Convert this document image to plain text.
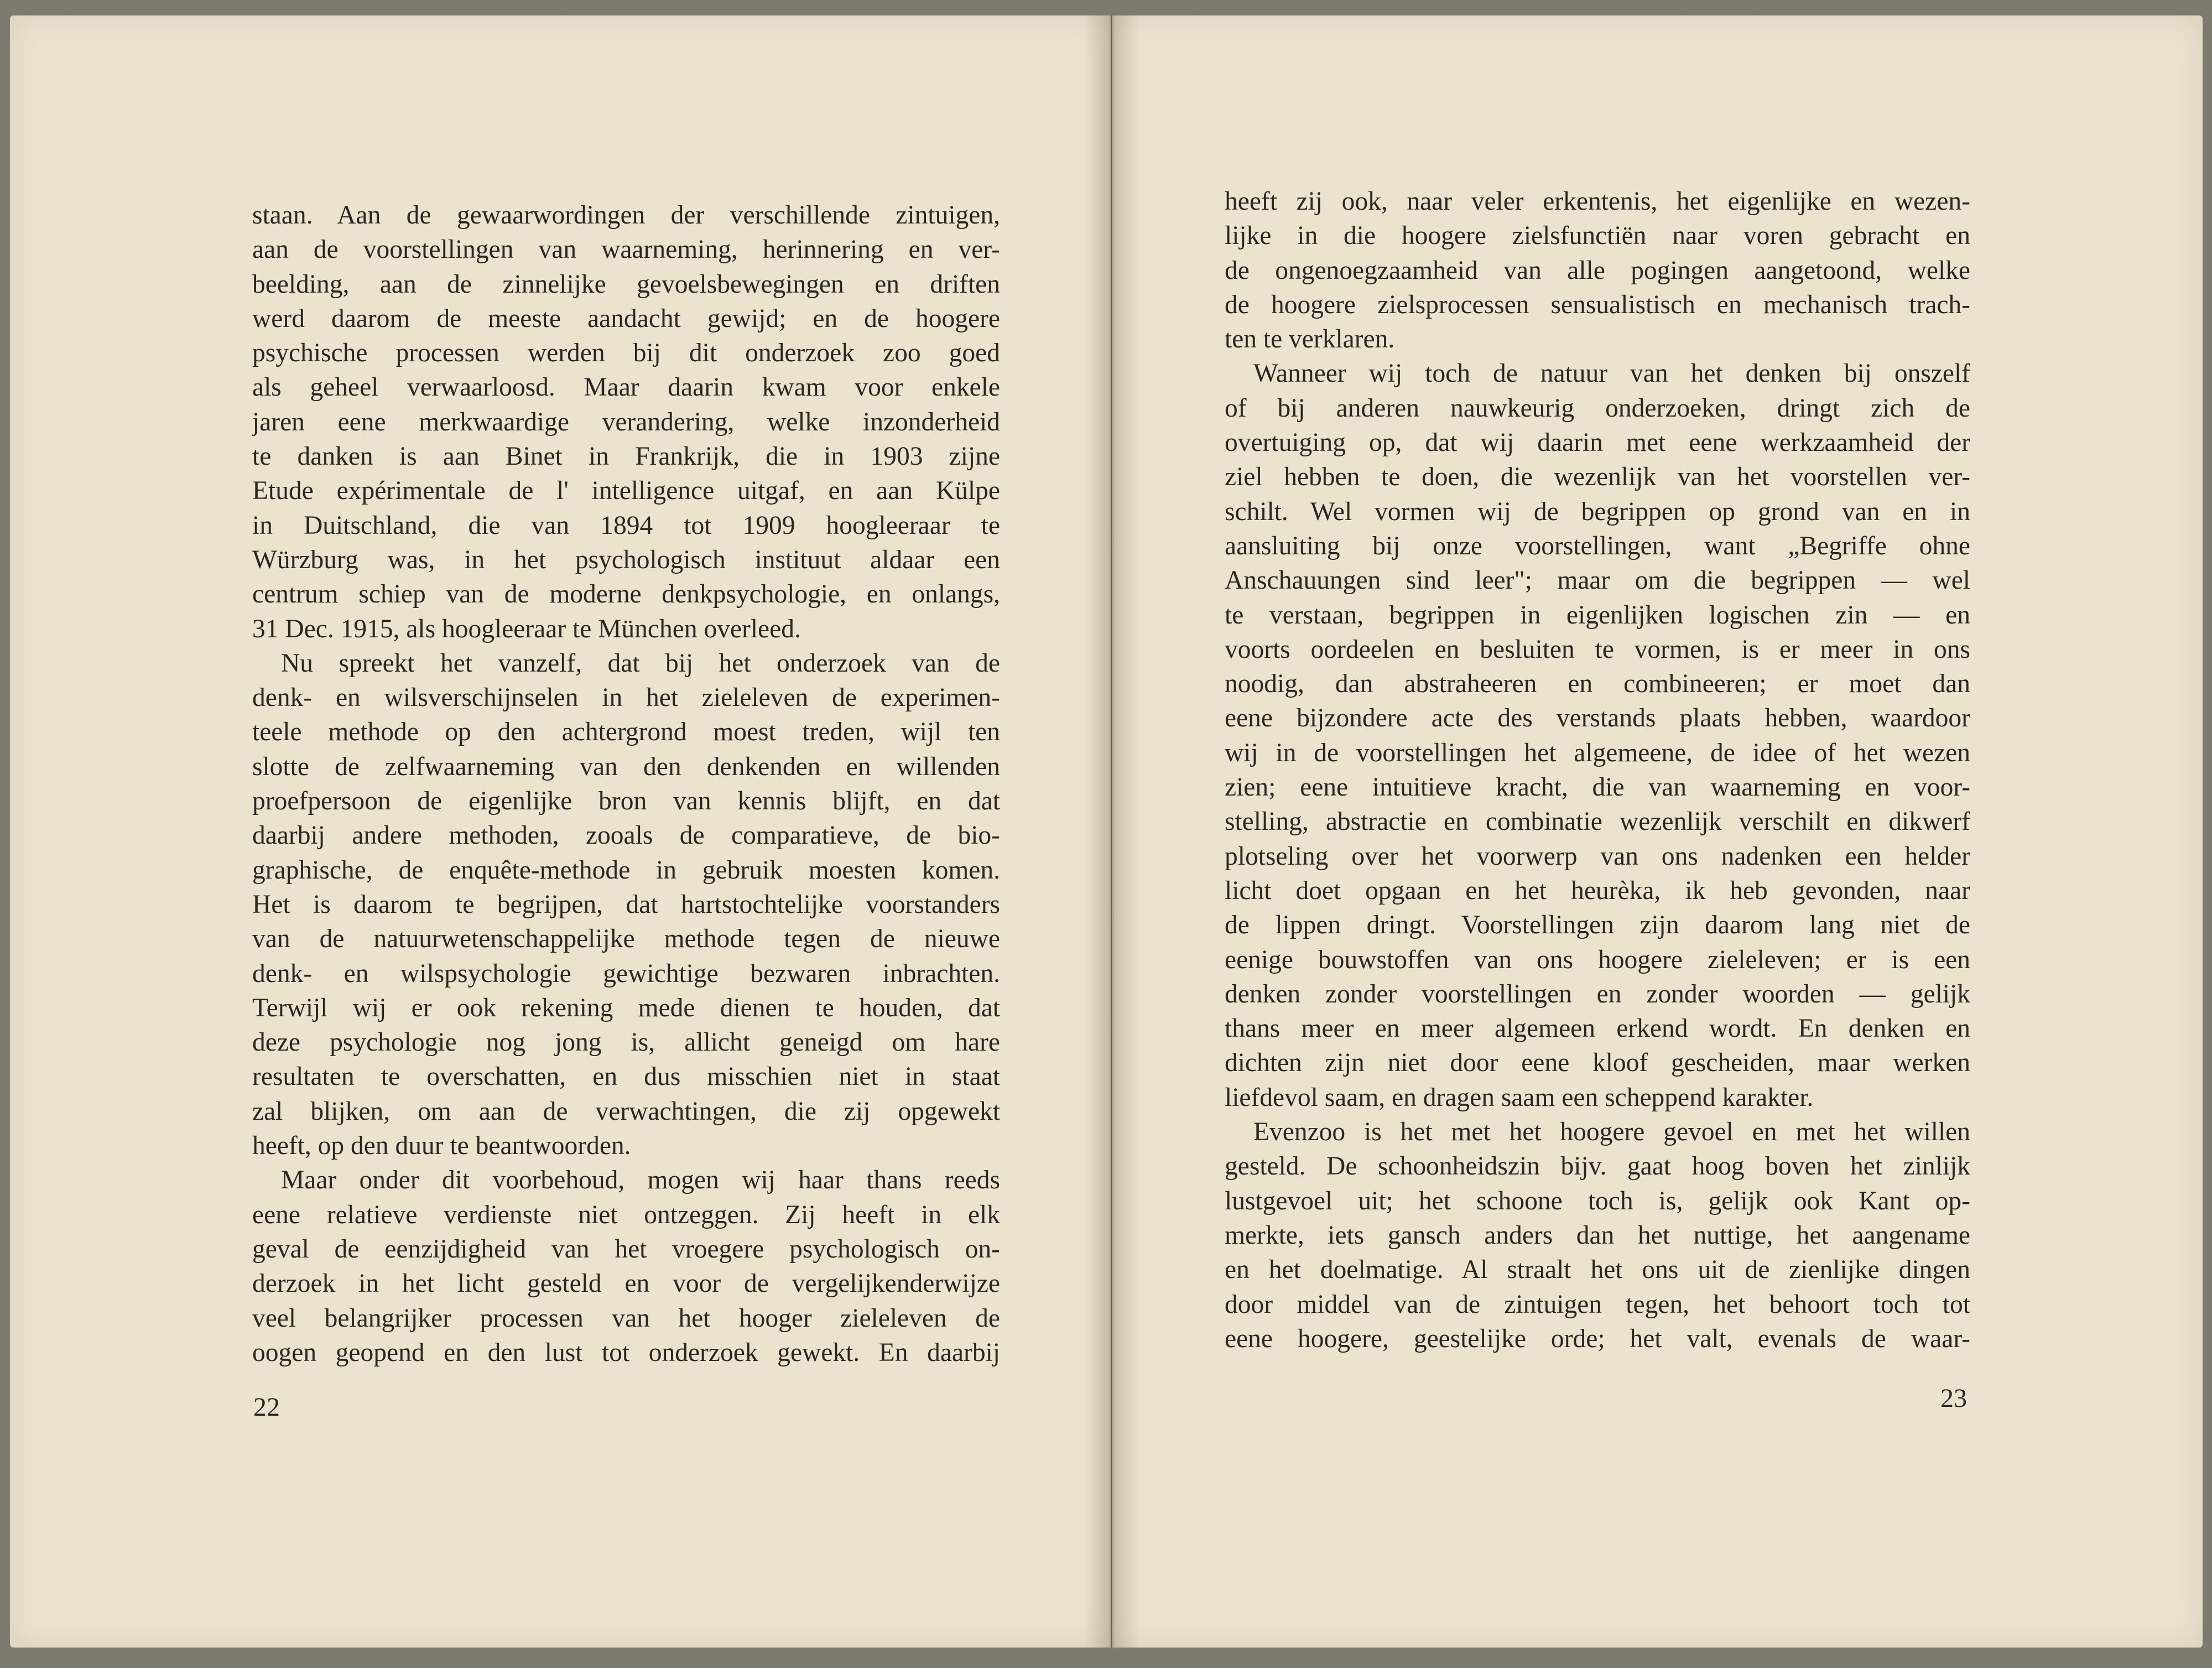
staan. Aan de gewaarwordingen der verschillende zintuigen,
aan de voorstellingen van waarneming, herinnering en ver-
beelding, aan de zinnelijke gevoelsbewegingen en driften
werd daarom de meeste aandacht gewijd; en de hoogere
psychische processen werden bij dit onderzoek zoo goed
als geheel verwaarloosd. Maar daarin kwam voor enkele
jaren eene merkwaardige verandering, welke inzonderheid
te danken is aan Binet in Frankrijk, die in 1903 zijne
Etude expérimentale de l' intelligence uitgaf, en aan Külpe
in Duitschland, die van 1894 tot 1909 hoogleeraar te
Würzburg was, in het psychologisch instituut aldaar een
centrum schiep van de moderne denkpsychologie, en onlangs,
31 Dec. 1915, als hoogleeraar te München overleed.
Nu spreekt het vanzelf, dat bij het onderzoek van de
denk- en wilsverschijnselen in het zieleleven de experimen-
teele methode op den achtergrond moest treden, wijl ten
slotte de zelfwaarneming van den denkenden en willenden
proefpersoon de eigenlijke bron van kennis blijft, en dat
daarbij andere methoden, zooals de comparatieve, de bio-
graphische, de enquête-methode in gebruik moesten komen.
Het is daarom te begrijpen, dat hartstochtelijke voorstanders
van de natuurwetenschappelijke methode tegen de nieuwe
denk- en wilspsychologie gewichtige bezwaren inbrachten.
Terwijl wij er ook rekening mede dienen te houden, dat
deze psychologie nog jong is, allicht geneigd om hare
resultaten te overschatten, en dus misschien niet in staat
zal blijken, om aan de verwachtingen, die zij opgewekt
heeft, op den duur te beantwoorden.
Maar onder dit voorbehoud, mogen wij haar thans reeds
eene relatieve verdienste niet ontzeggen. Zij heeft in elk
geval de eenzijdigheid van het vroegere psychologisch on-
derzoek in het licht gesteld en voor de vergelijkenderwijze
veel belangrijker processen van het hooger zieleleven de
oogen geopend en den lust tot onderzoek gewekt. En daarbij
22
heeft zij ook, naar veler erkentenis, het eigenlijke en wezen-
lijke in die hoogere zielsfunctiën naar voren gebracht en
de ongenoegzaamheid van alle pogingen aangetoond, welke
de hoogere zielsprocessen sensualistisch en mechanisch trach-
ten te verklaren.
Wanneer wij toch de natuur van het denken bij onszelf
of bij anderen nauwkeurig onderzoeken, dringt zich de
overtuiging op, dat wij daarin met eene werkzaamheid der
ziel hebben te doen, die wezenlijk van het voorstellen ver-
schilt. Wel vormen wij de begrippen op grond van en in
aansluiting bij onze voorstellingen, want „Begriffe ohne
Anschauungen sind leer"; maar om die begrippen — wel
te verstaan, begrippen in eigenlijken logischen zin — en
voorts oordeelen en besluiten te vormen, is er meer in ons
noodig, dan abstraheeren en combineeren; er moet dan
eene bijzondere acte des verstands plaats hebben, waardoor
wij in de voorstellingen het algemeene, de idee of het wezen
zien; eene intuitieve kracht, die van waarneming en voor-
stelling, abstractie en combinatie wezenlijk verschilt en dikwerf
plotseling over het voorwerp van ons nadenken een helder
licht doet opgaan en het heurèka, ik heb gevonden, naar
de lippen dringt. Voorstellingen zijn daarom lang niet de
eenige bouwstoffen van ons hoogere zieleleven; er is een
denken zonder voorstellingen en zonder woorden — gelijk
thans meer en meer algemeen erkend wordt. En denken en
dichten zijn niet door eene kloof gescheiden, maar werken
liefdevol saam, en dragen saam een scheppend karakter.
Evenzoo is het met het hoogere gevoel en met het willen
gesteld. De schoonheidszin bijv. gaat hoog boven het zinlijk
lustgevoel uit; het schoone toch is, gelijk ook Kant op-
merkte, iets gansch anders dan het nuttige, het aangename
en het doelmatige. Al straalt het ons uit de zienlijke dingen
door middel van de zintuigen tegen, het behoort toch tot
eene hoogere, geestelijke orde; het valt, evenals de waar-
23
